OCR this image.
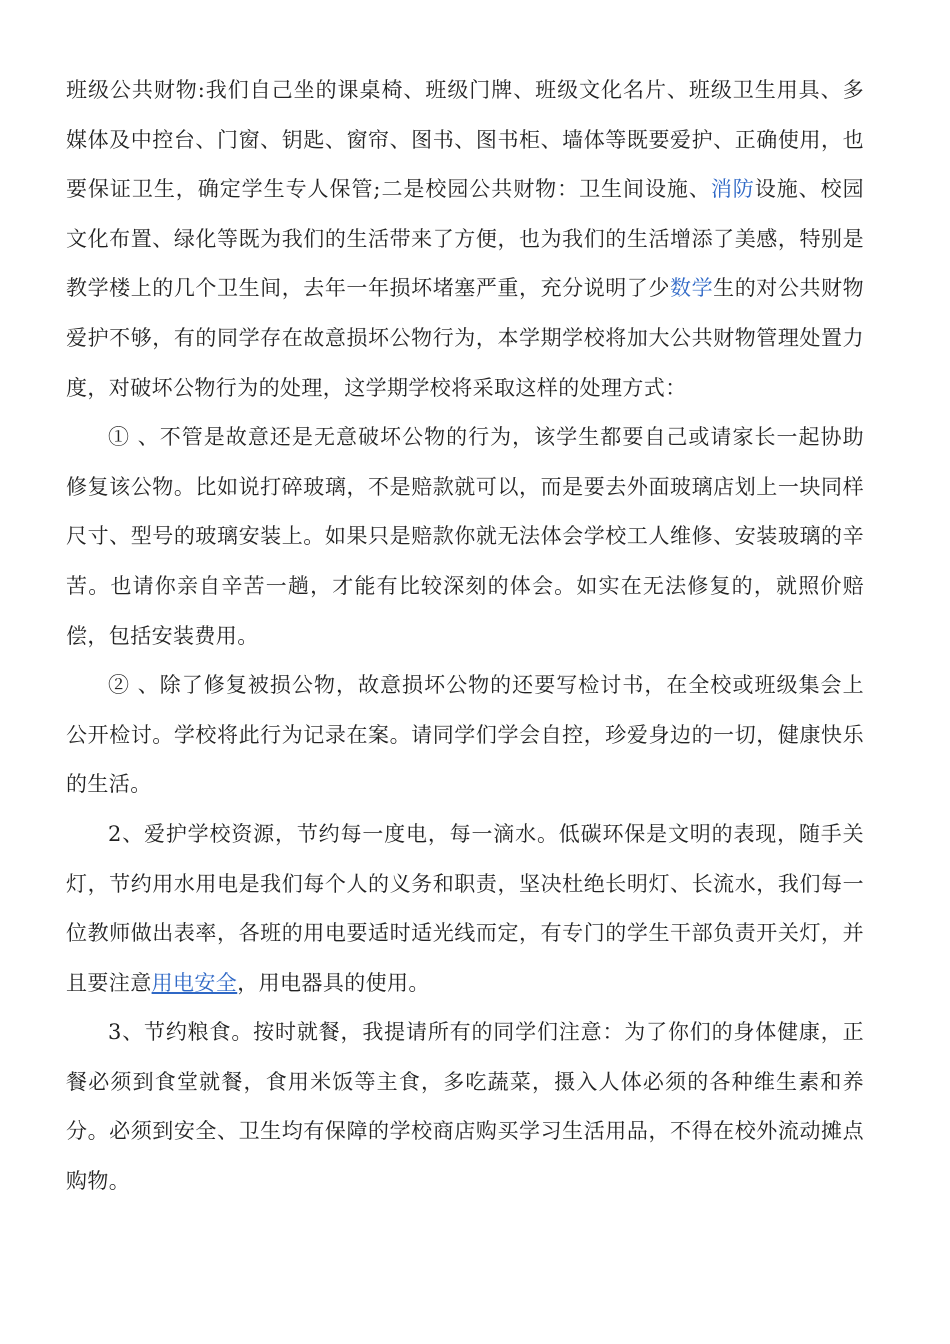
班级公共财物:我们自己坐的课桌椅、班级门牌、班级文化名片、班级卫生用具、多媒体及中控台、门窗、钥匙、窗帘、图书、图书柜、墙体等既要爱护、正确使用，也要保证卫生，确定学生专人保管;二是校园公共财物：卫生间设施、消防设施、校园文化布置、绿化等既为我们的生活带来了方便，也为我们的生活增添了美感，特别是教学楼上的几个卫生间，去年一年损坏堵塞严重，充分说明了少数学生的对公共财物爱护不够，有的同学存在故意损坏公物行为，本学期学校将加大公共财物管理处置力度，对破坏公物行为的处理，这学期学校将采取这样的处理方式：

① 、不管是故意还是无意破坏公物的行为，该学生都要自己或请家长一起协助修复该公物。比如说打碎玻璃，不是赔款就可以，而是要去外面玻璃店划上一块同样尺寸、型号的玻璃安装上。如果只是赔款你就无法体会学校工人维修、安装玻璃的辛苦。也请你亲自辛苦一趟，才能有比较深刻的体会。如实在无法修复的，就照价赔偿，包括安装费用。

② 、除了修复被损公物，故意损坏公物的还要写检讨书，在全校或班级集会上公开检讨。学校将此行为记录在案。请同学们学会自控，珍爱身边的一切，健康快乐的生活。

2、爱护学校资源，节约每一度电，每一滴水。低碳环保是文明的表现，随手关灯，节约用水用电是我们每个人的义务和职责，坚决杜绝长明灯、长流水，我们每一位教师做出表率，各班的用电要适时适光线而定，有专门的学生干部负责开关灯，并且要注意用电安全，用电器具的使用。

3、节约粮食。按时就餐，我提请所有的同学们注意：为了你们的身体健康，正餐必须到食堂就餐，食用米饭等主食，多吃蔬菜，摄入人体必须的各种维生素和养分。必须到安全、卫生均有保障的学校商店购买学习生活用品，不得在校外流动摊点购物。
